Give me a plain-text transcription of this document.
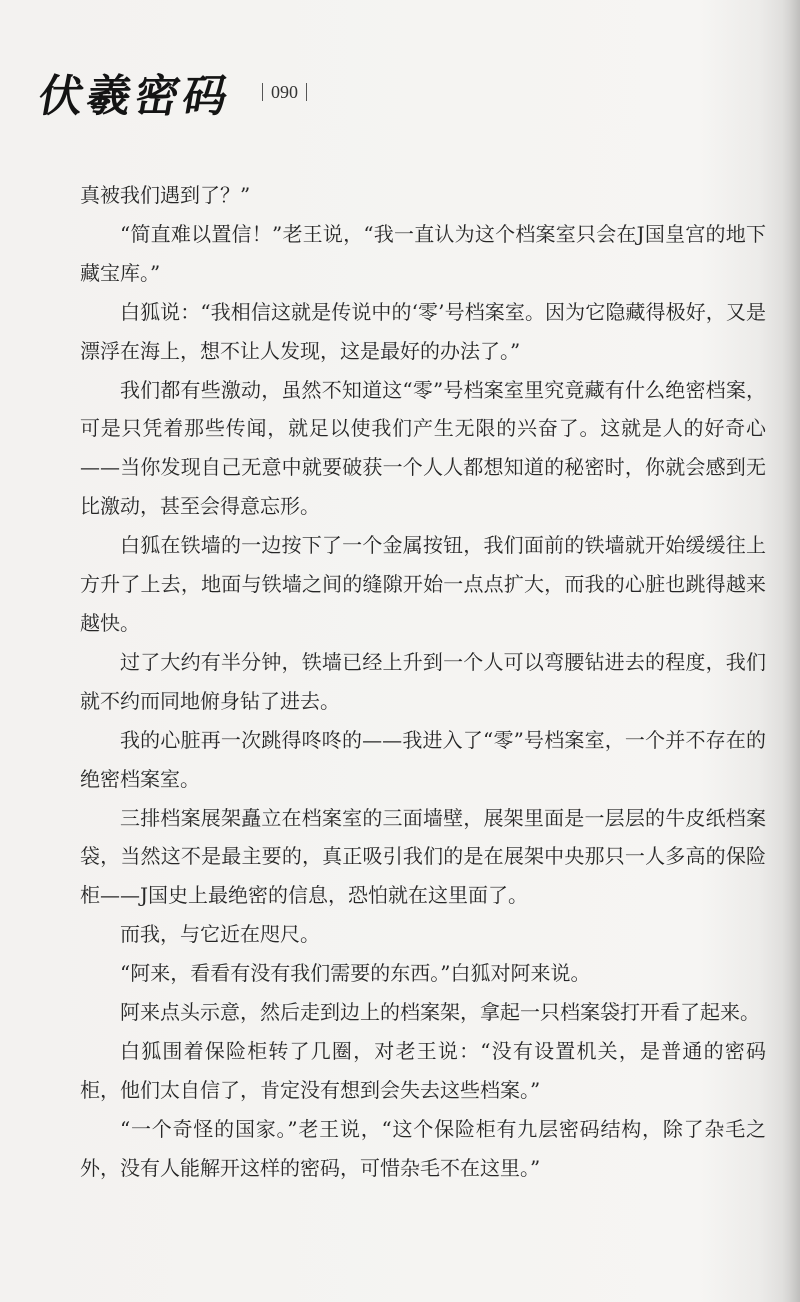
伏羲密码 090

真被我们遇到了？”

“简直难以置信！”老王说，“我一直认为这个档案室只会在J国皇宫的地下藏宝库。”

白狐说：“我相信这就是传说中的‘零’号档案室。因为它隐藏得极好，又是漂浮在海上，想不让人发现，这是最好的办法了。”

我们都有些激动，虽然不知道这“零”号档案室里究竟藏有什么绝密档案，可是只凭着那些传闻，就足以使我们产生无限的兴奋了。这就是人的好奇心——当你发现自己无意中就要破获一个人人都想知道的秘密时，你就会感到无比激动，甚至会得意忘形。

白狐在铁墙的一边按下了一个金属按钮，我们面前的铁墙就开始缓缓往上方升了上去，地面与铁墙之间的缝隙开始一点点扩大，而我的心脏也跳得越来越快。

过了大约有半分钟，铁墙已经上升到一个人可以弯腰钻进去的程度，我们就不约而同地俯身钻了进去。

我的心脏再一次跳得咚咚的——我进入了“零”号档案室，一个并不存在的绝密档案室。

三排档案展架矗立在档案室的三面墙壁，展架里面是一层层的牛皮纸档案袋，当然这不是最主要的，真正吸引我们的是在展架中央那只一人多高的保险柜——J国史上最绝密的信息，恐怕就在这里面了。

而我，与它近在咫尺。

“阿来，看看有没有我们需要的东西。”白狐对阿来说。

阿来点头示意，然后走到边上的档案架，拿起一只档案袋打开看了起来。

白狐围着保险柜转了几圈，对老王说：“没有设置机关，是普通的密码柜，他们太自信了，肯定没有想到会失去这些档案。”

“一个奇怪的国家。”老王说，“这个保险柜有九层密码结构，除了杂毛之外，没有人能解开这样的密码，可惜杂毛不在这里。”
